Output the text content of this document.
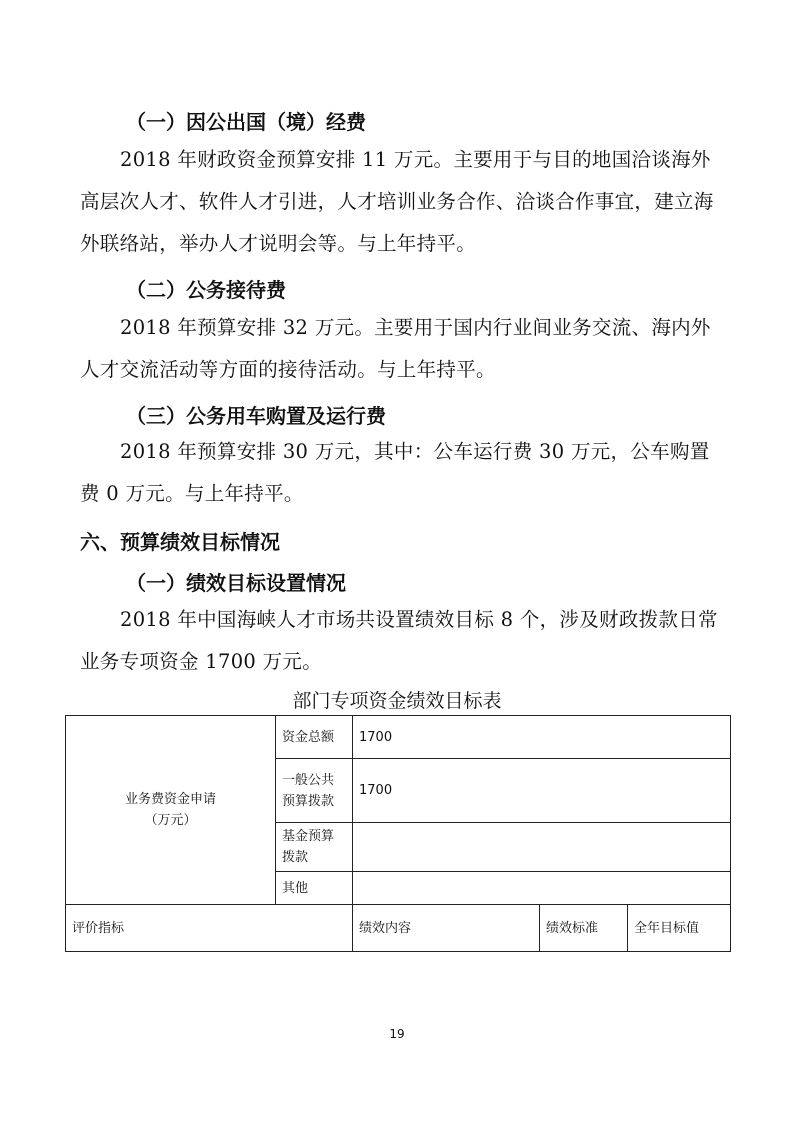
（一）因公出国（境）经费

2018 年财政资金预算安排 11 万元。主要用于与目的地国洽谈海外高层次人才、软件人才引进，人才培训业务合作、洽谈合作事宜，建立海外联络站，举办人才说明会等。与上年持平。

（二）公务接待费

2018 年预算安排 32 万元。主要用于国内行业间业务交流、海内外人才交流活动等方面的接待活动。与上年持平。

（三）公务用车购置及运行费

2018 年预算安排 30 万元，其中：公车运行费 30 万元，公车购置费 0 万元。与上年持平。

六、预算绩效目标情况
（一）绩效目标设置情况

2018 年中国海峡人才市场共设置绩效目标 8 个，涉及财政拨款日常业务专项资金 1700 万元。

部门专项资金绩效目标表
业务费资金申请
（万元）	资金总额	1700		
	一般公共预算拨款	1700		
	基金预算拨款			
	其他			
评价指标		绩效内容	绩效标准	全年目标值
19
